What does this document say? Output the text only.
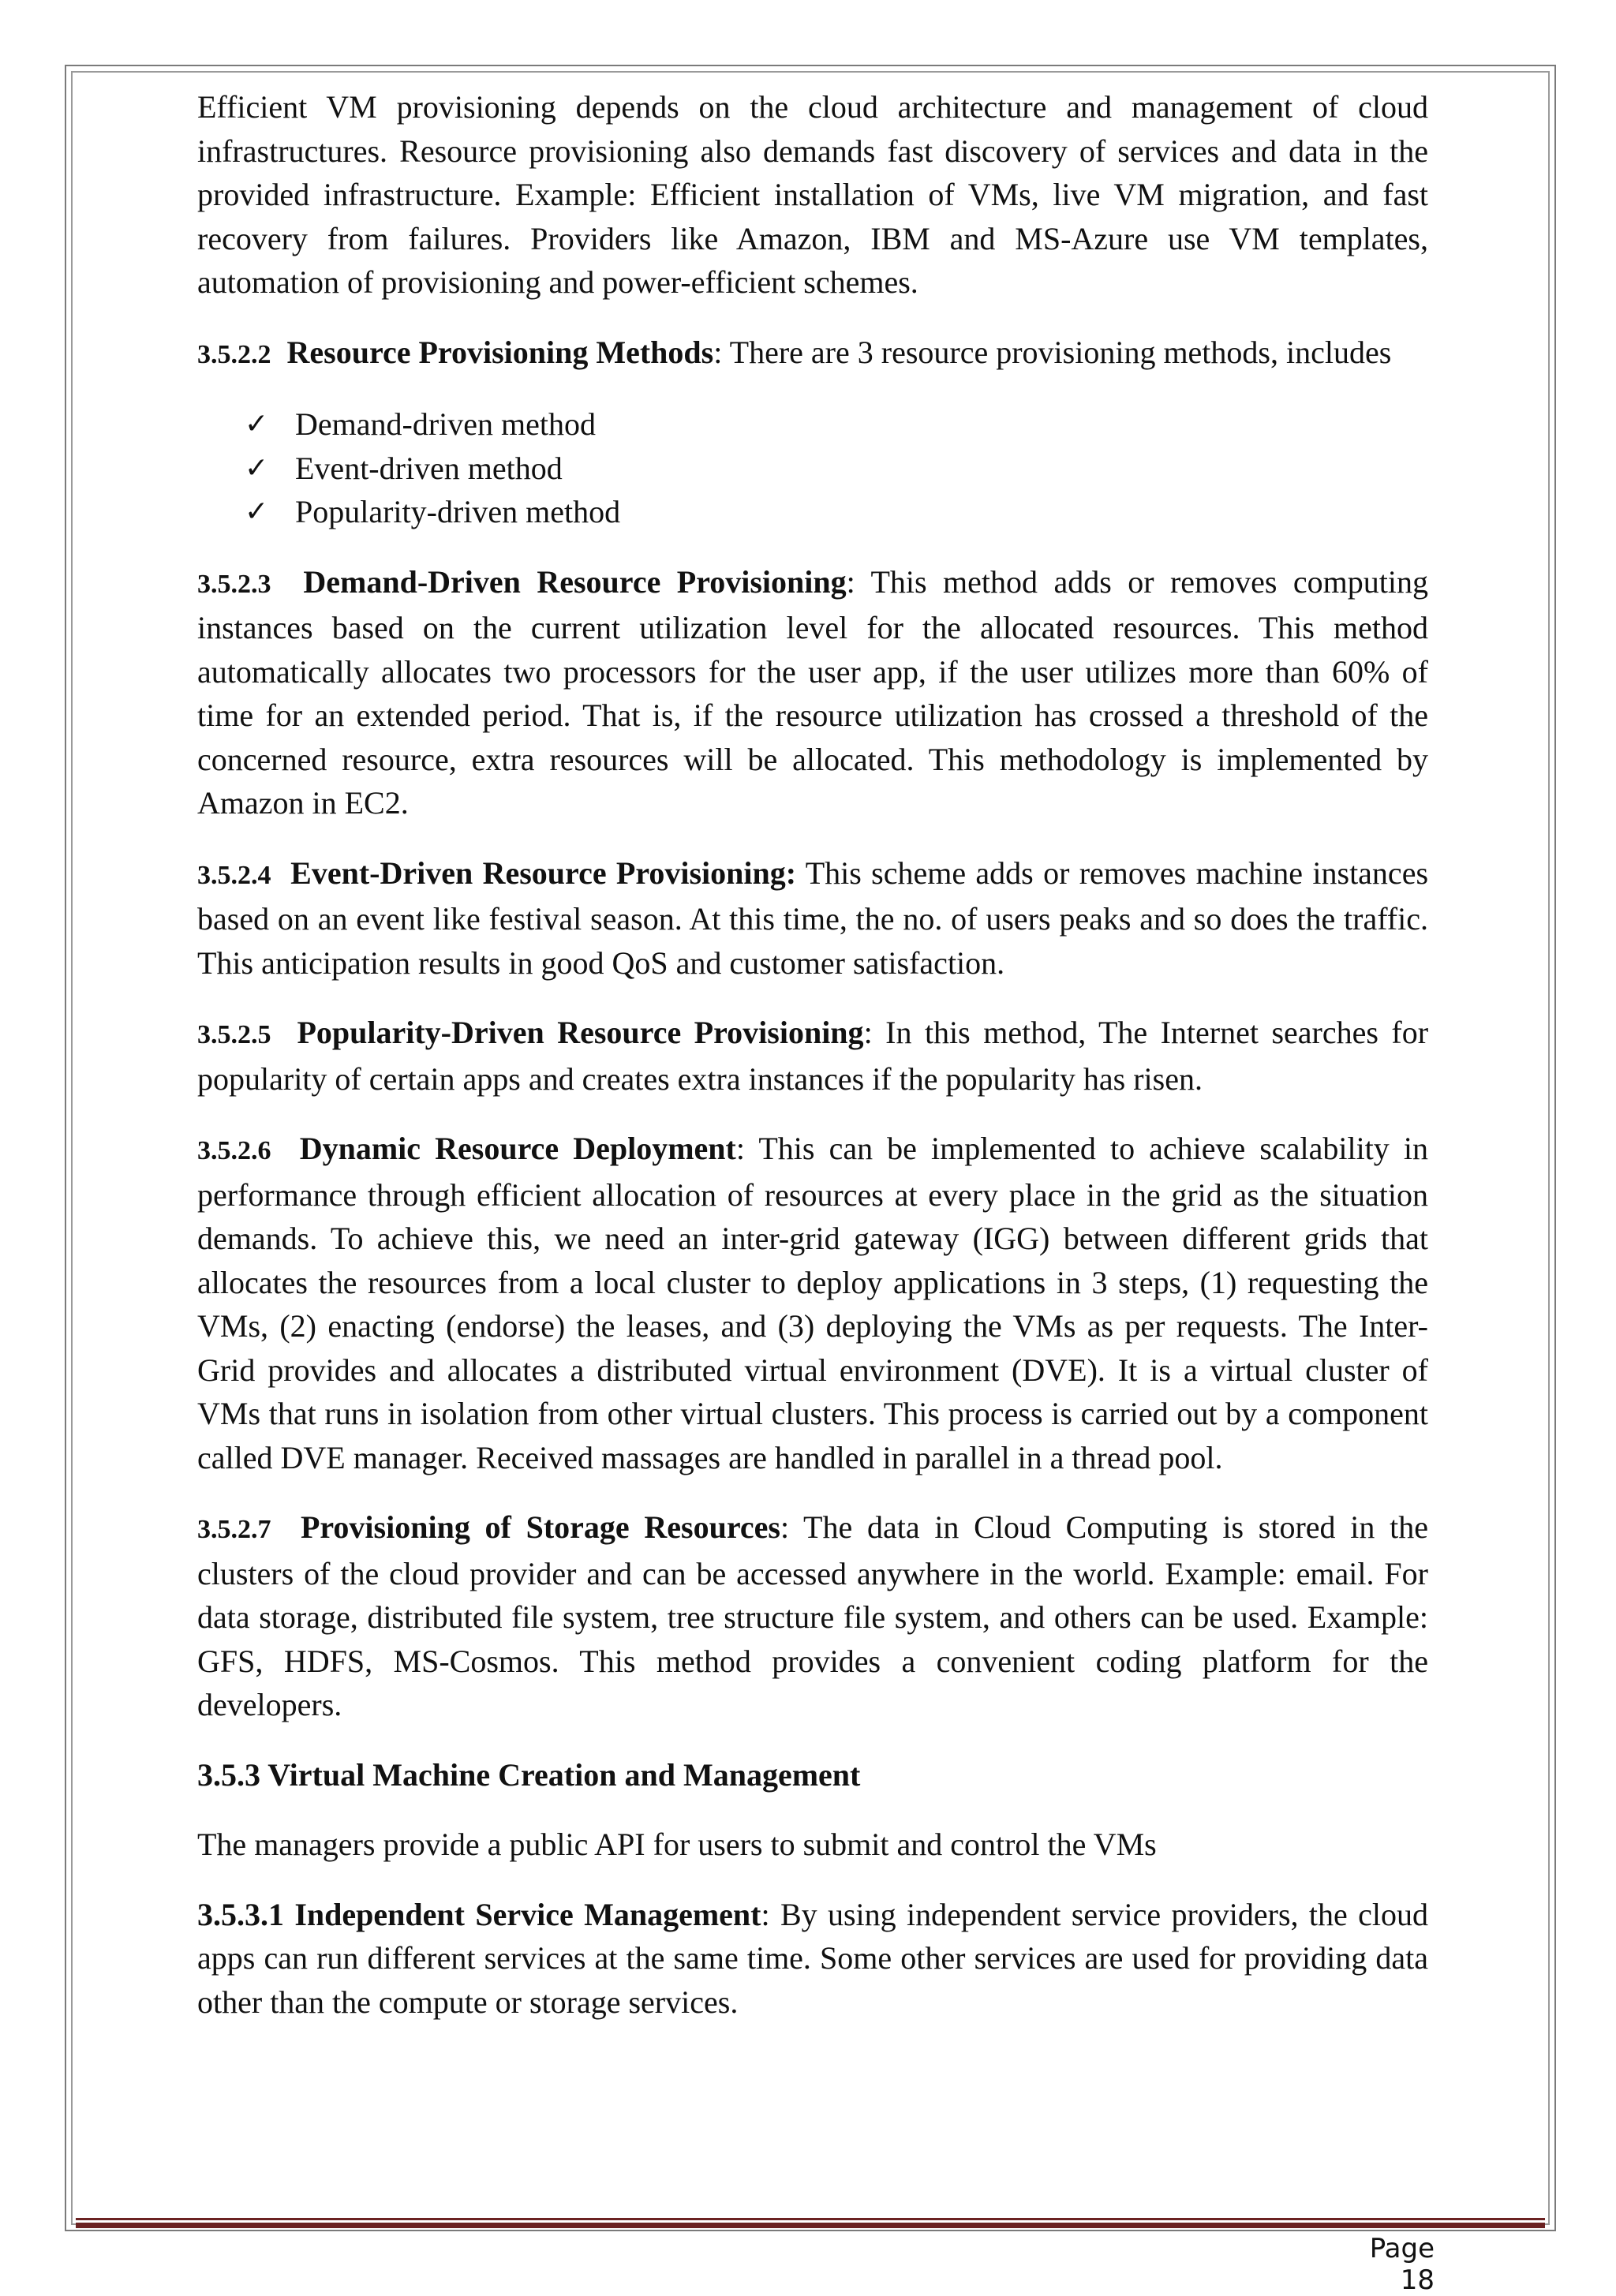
Efficient VM provisioning depends on the cloud architecture and management of cloud infrastructures. Resource provisioning also demands fast discovery of services and data in the provided infrastructure. Example: Efficient installation of VMs, live VM migration, and fast recovery from failures. Providers like Amazon, IBM and MS-Azure use VM templates, automation of provisioning and power-efficient schemes.

3.5.2.2 Resource Provisioning Methods: There are 3 resource provisioning methods, includes

✓ Demand-driven method
✓ Event-driven method
✓ Popularity-driven method

3.5.2.3 Demand-Driven Resource Provisioning: This method adds or removes computing instances based on the current utilization level for the allocated resources. This method automatically allocates two processors for the user app, if the user utilizes more than 60% of time for an extended period. That is, if the resource utilization has crossed a threshold of the concerned resource, extra resources will be allocated. This methodology is implemented by Amazon in EC2.

3.5.2.4 Event-Driven Resource Provisioning: This scheme adds or removes machine instances based on an event like festival season. At this time, the no. of users peaks and so does the traffic. This anticipation results in good QoS and customer satisfaction.

3.5.2.5 Popularity-Driven Resource Provisioning: In this method, The Internet searches for popularity of certain apps and creates extra instances if the popularity has risen.

3.5.2.6 Dynamic Resource Deployment: This can be implemented to achieve scalability in performance through efficient allocation of resources at every place in the grid as the situation demands. To achieve this, we need an inter-grid gateway (IGG) between different grids that allocates the resources from a local cluster to deploy applications in 3 steps, (1) requesting the VMs, (2) enacting (endorse) the leases, and (3) deploying the VMs as per requests. The Inter-Grid provides and allocates a distributed virtual environment (DVE). It is a virtual cluster of VMs that runs in isolation from other virtual clusters. This process is carried out by a component called DVE manager. Received massages are handled in parallel in a thread pool.

3.5.2.7 Provisioning of Storage Resources: The data in Cloud Computing is stored in the clusters of the cloud provider and can be accessed anywhere in the world. Example: email. For data storage, distributed file system, tree structure file system, and others can be used. Example: GFS, HDFS, MS-Cosmos. This method provides a convenient coding platform for the developers.

3.5.3 Virtual Machine Creation and Management

The managers provide a public API for users to submit and control the VMs

3.5.3.1 Independent Service Management: By using independent service providers, the cloud apps can run different services at the same time. Some other services are used for providing data other than the compute or storage services.

Page 18
